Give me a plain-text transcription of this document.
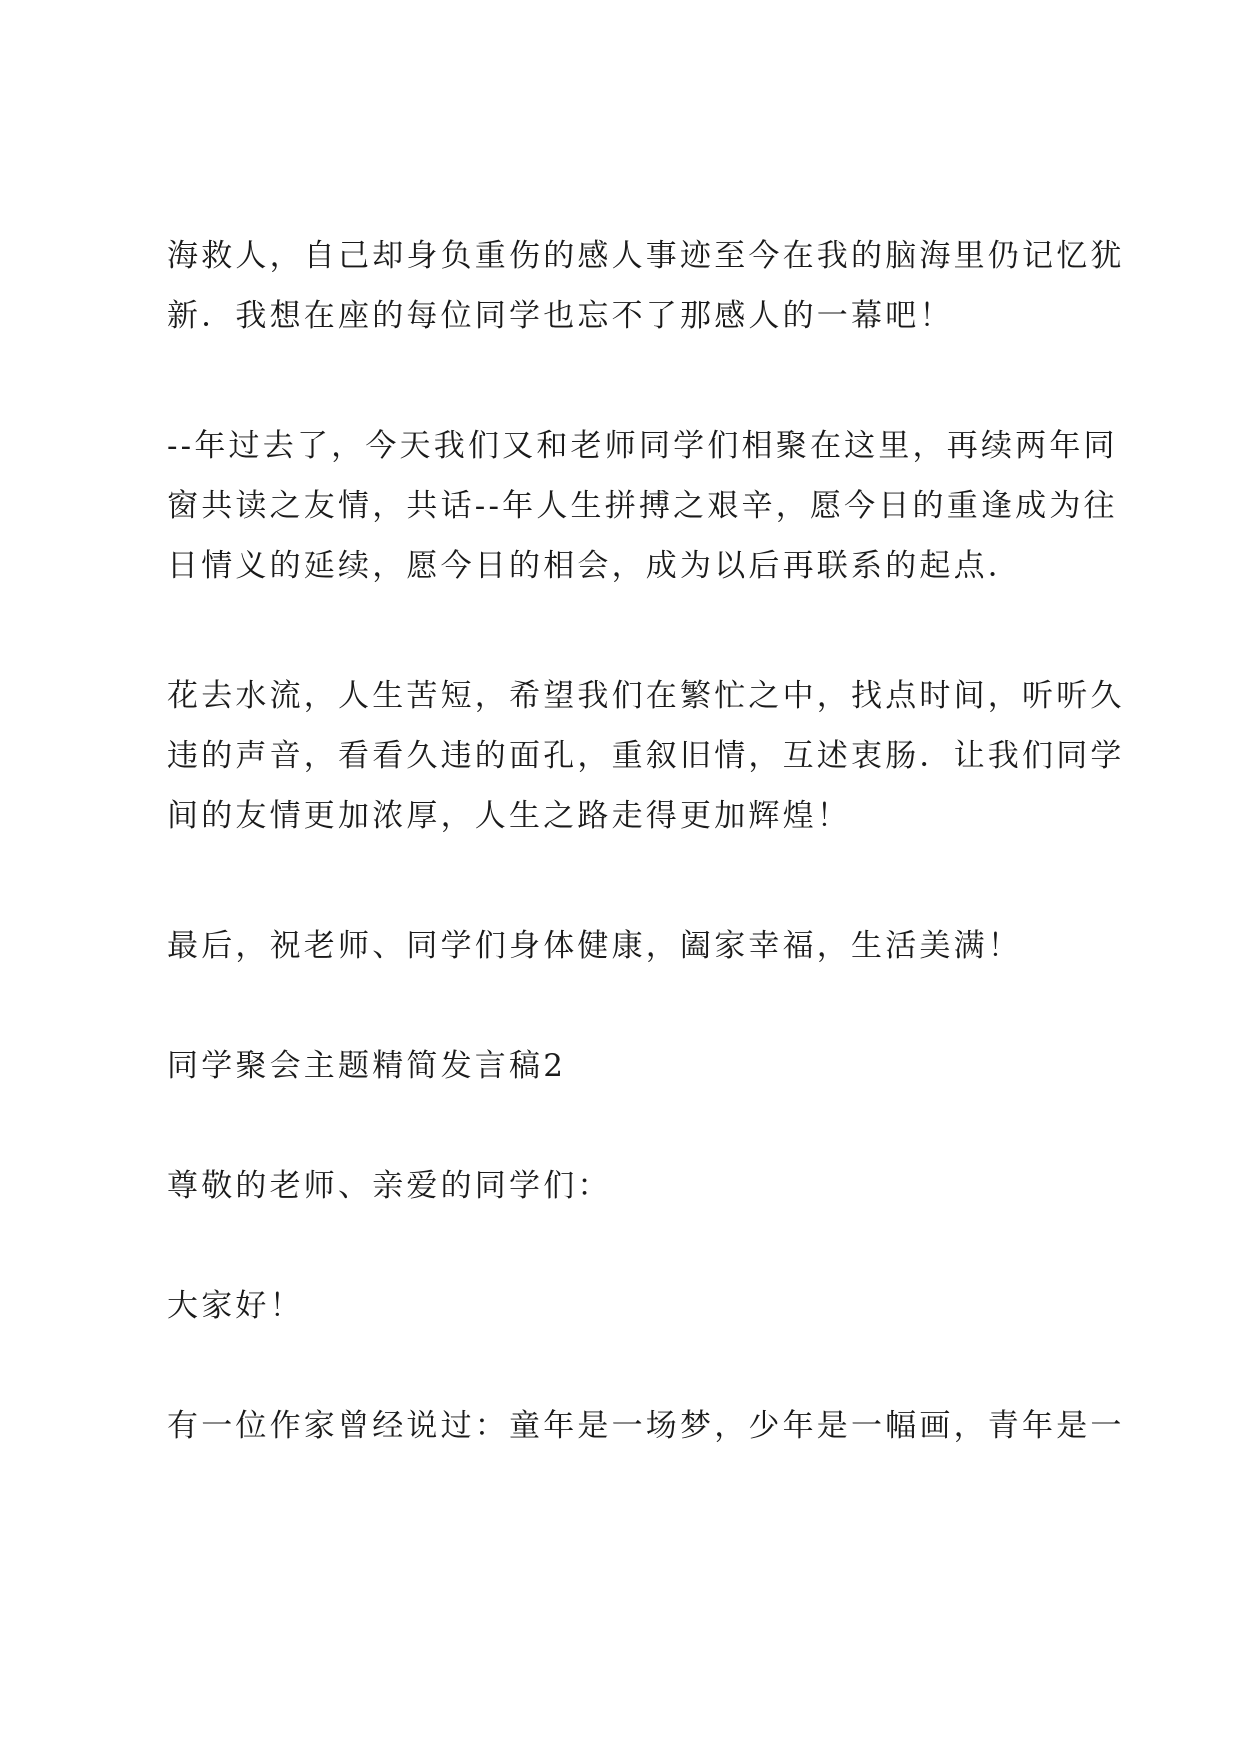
海救人，自己却身负重伤的感人事迹至今在我的脑海里仍记忆犹
新．我想在座的每位同学也忘不了那感人的一幕吧！
--年过去了，今天我们又和老师同学们相聚在这里，再续两年同
窗共读之友情，共话--年人生拼搏之艰辛，愿今日的重逢成为往
日情义的延续，愿今日的相会，成为以后再联系的起点．
花去水流，人生苦短，希望我们在繁忙之中，找点时间，听听久
违的声音，看看久违的面孔，重叙旧情，互述衷肠．让我们同学
间的友情更加浓厚，人生之路走得更加辉煌！

最后，祝老师、同学们身体健康，阖家幸福，生活美满！

同学聚会主题精简发言稿2

尊敬的老师、亲爱的同学们：

大家好！

有一位作家曾经说过：童年是一场梦，少年是一幅画，青年是一
